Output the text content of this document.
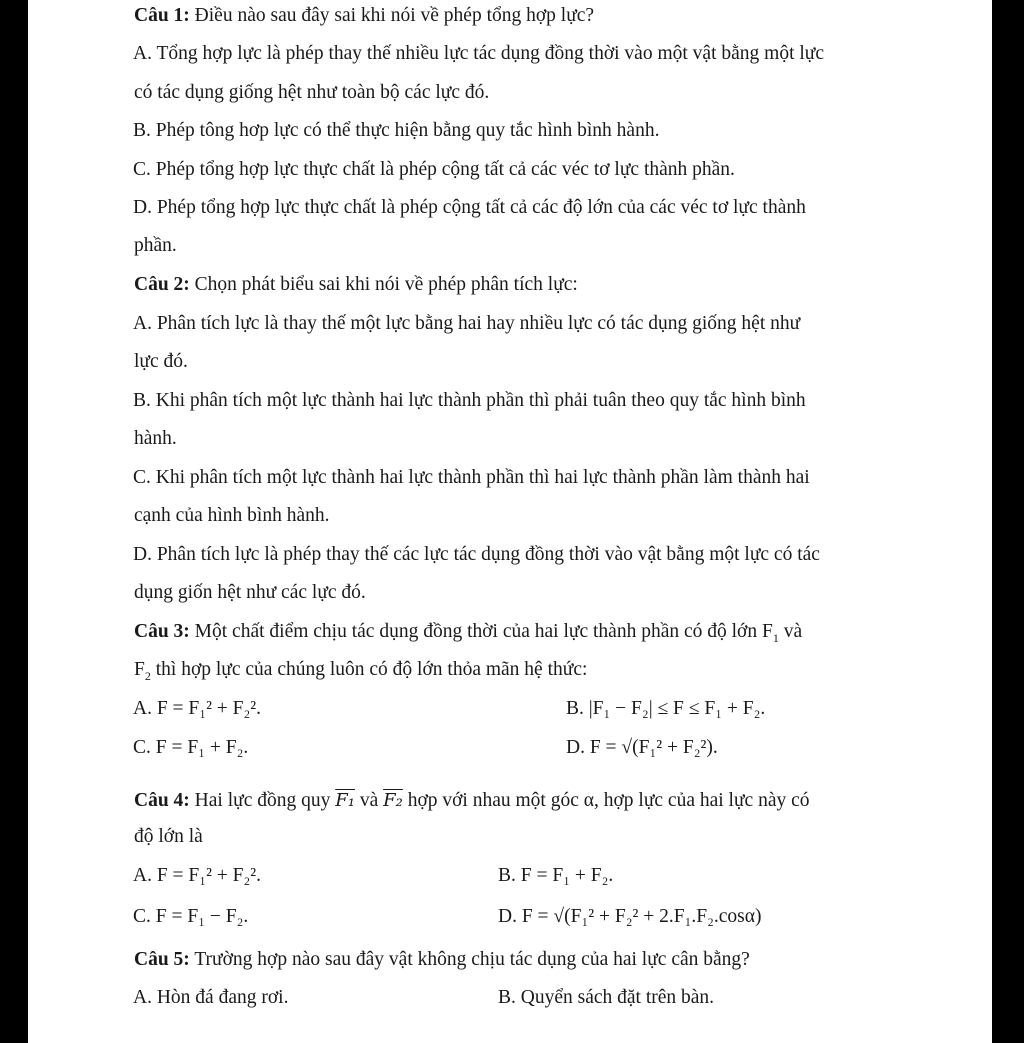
Câu 1: Điều nào sau đây sai khi nói về phép tổng hợp lực?
A. Tổng hợp lực là phép thay thế nhiều lực tác dụng đồng thời vào một vật bằng một lực
có tác dụng giống hệt như toàn bộ các lực đó.
B. Phép tông hơp lực có thể thực hiện bằng quy tắc hình bình hành.
C. Phép tổng hợp lực thực chất là phép cộng tất cả các véc tơ lực thành phần.
D. Phép tổng hợp lực thực chất là phép cộng tất cả các độ lớn của các véc tơ lực thành
phần.
Câu 2: Chọn phát biểu sai khi nói về phép phân tích lực:
A. Phân tích lực là thay thế một lực bằng hai hay nhiều lực có tác dụng giống hệt như
lực đó.
B. Khi phân tích một lực thành hai lực thành phần thì phải tuân theo quy tắc hình bình
hành.
C. Khi phân tích một lực thành hai lực thành phần thì hai lực thành phần làm thành hai
cạnh của hình bình hành.
D. Phân tích lực là phép thay thế các lực tác dụng đồng thời vào vật bằng một lực có tác
dụng giốn hệt như các lực đó.
Câu 3: Một chất điểm chịu tác dụng đồng thời của hai lực thành phần có độ lớn $F_1$ và
$F_2$ thì hợp lực của chúng luôn có độ lớn thỏa mãn hệ thức:
A. F = F₁² + F₂².	B. |F₁ − F₂| ≤ F ≤ F₁ + F₂.
C. F = F₁ + F₂.	D. F = √(F₁² + F₂²).
Câu 4: Hai lực đồng quy F₁ và F₂ hợp với nhau một góc α, hợp lực của hai lực này có
độ lớn là
A. F = F₁² + F₂².	B. F = F₁ + F₂.
C. F = F₁ − F₂.	D. F = √(F₁² + F₂² + 2.F₁.F₂.cosα)
Câu 5: Trường hợp nào sau đây vật không chịu tác dụng của hai lực cân bằng?
A. Hòn đá đang rơi.	B. Quyển sách đặt trên bàn.
